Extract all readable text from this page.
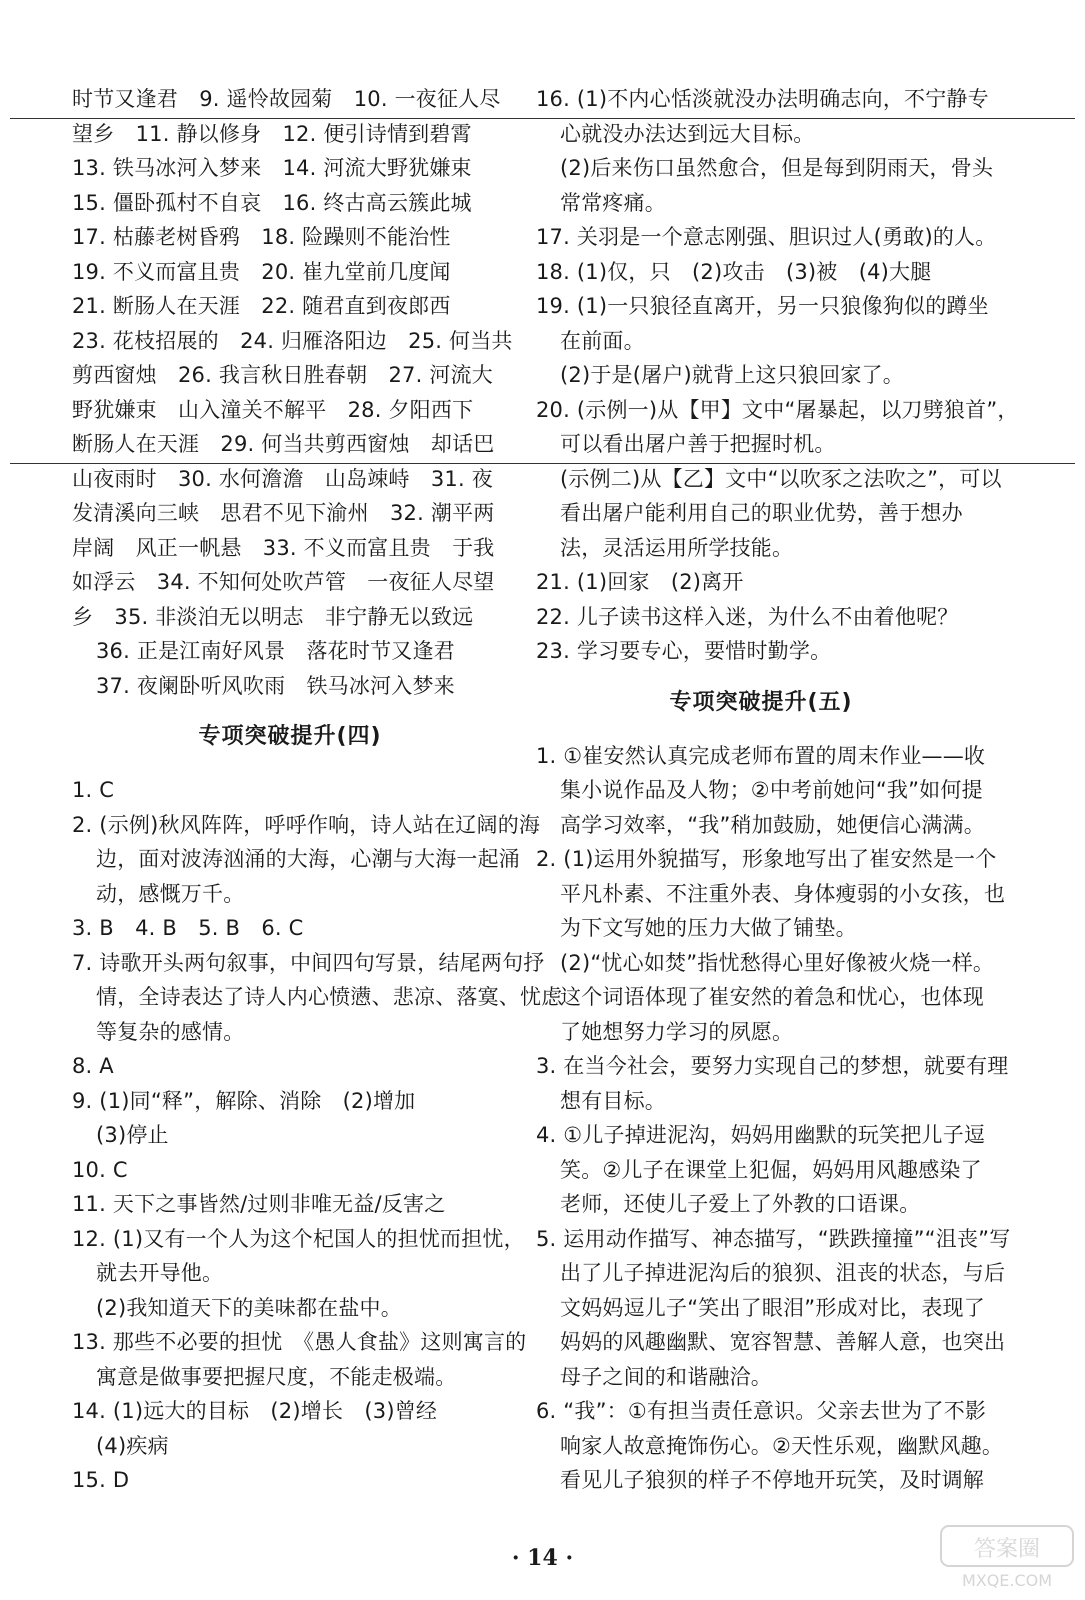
时节又逢君　9. 遥怜故园菊　10. 一夜征人尽
望乡　11. 静以修身　12. 便引诗情到碧霄
13. 铁马冰河入梦来　14. 河流大野犹嫌束
15. 僵卧孤村不自哀　16. 终古高云簇此城
17. 枯藤老树昏鸦　18. 险躁则不能治性
19. 不义而富且贵　20. 崔九堂前几度闻
21. 断肠人在天涯　22. 随君直到夜郎西
23. 花枝招展的　24. 归雁洛阳边　25. 何当共
剪西窗烛　26. 我言秋日胜春朝　27. 河流大
野犹嫌束　山入潼关不解平　28. 夕阳西下
断肠人在天涯　29. 何当共剪西窗烛　却话巴
山夜雨时　30. 水何澹澹　山岛竦峙　31. 夜
发清溪向三峡　思君不见下渝州　32. 潮平两
岸阔　风正一帆悬　33. 不义而富且贵　于我
如浮云　34. 不知何处吹芦管　一夜征人尽望
乡　35. 非淡泊无以明志　非宁静无以致远
36. 正是江南好风景　落花时节又逢君
37. 夜阑卧听风吹雨　铁马冰河入梦来
专项突破提升(四)
1. C
2. (示例)秋风阵阵，呼呼作响，诗人站在辽阔的海
边，面对波涛汹涌的大海，心潮与大海一起涌
动，感慨万千。
3. B　4. B　5. B　6. C
7. 诗歌开头两句叙事，中间四句写景，结尾两句抒
情，全诗表达了诗人内心愤懑、悲凉、落寞、忧虑
等复杂的感情。
8. A
9. (1)同“释”，解除、消除　(2)增加
(3)停止
10. C
11. 天下之事皆然/过则非唯无益/反害之
12. (1)又有一个人为这个杞国人的担忧而担忧，
就去开导他。
(2)我知道天下的美味都在盐中。
13. 那些不必要的担忧　《愚人食盐》这则寓言的
寓意是做事要把握尺度，不能走极端。
14. (1)远大的目标　(2)增长　(3)曾经
(4)疾病
15. D
16. (1)不内心恬淡就没办法明确志向，不宁静专
心就没办法达到远大目标。
(2)后来伤口虽然愈合，但是每到阴雨天，骨头
常常疼痛。
17. 关羽是一个意志刚强、胆识过人(勇敢)的人。
18. (1)仅，只　(2)攻击　(3)被　(4)大腿
19. (1)一只狼径直离开，另一只狼像狗似的蹲坐
在前面。
(2)于是(屠户)就背上这只狼回家了。
20. (示例一)从【甲】文中“屠暴起，以刀劈狼首”，
可以看出屠户善于把握时机。
(示例二)从【乙】文中“以吹豕之法吹之”，可以
看出屠户能利用自己的职业优势，善于想办
法，灵活运用所学技能。
21. (1)回家　(2)离开
22. 儿子读书这样入迷，为什么不由着他呢？
23. 学习要专心，要惜时勤学。
专项突破提升(五)
1. ①崔安然认真完成老师布置的周末作业——收
集小说作品及人物；②中考前她问“我”如何提
高学习效率，“我”稍加鼓励，她便信心满满。
2. (1)运用外貌描写，形象地写出了崔安然是一个
平凡朴素、不注重外表、身体瘦弱的小女孩，也
为下文写她的压力大做了铺垫。
(2)“忧心如焚”指忧愁得心里好像被火烧一样。
这个词语体现了崔安然的着急和忧心，也体现
了她想努力学习的夙愿。
3. 在当今社会，要努力实现自己的梦想，就要有理
想有目标。
4. ①儿子掉进泥沟，妈妈用幽默的玩笑把儿子逗
笑。②儿子在课堂上犯倔，妈妈用风趣感染了
老师，还使儿子爱上了外教的口语课。
5. 运用动作描写、神态描写，“跌跌撞撞”“沮丧”写
出了儿子掉进泥沟后的狼狈、沮丧的状态，与后
文妈妈逗儿子“笑出了眼泪”形成对比，表现了
妈妈的风趣幽默、宽容智慧、善解人意，也突出
母子之间的和谐融洽。
6. “我”：①有担当责任意识。父亲去世为了不影
响家人故意掩饰伤心。②天性乐观，幽默风趣。
看见儿子狼狈的样子不停地开玩笑，及时调解
· 14 ·	答案圈
MXQE.COM
